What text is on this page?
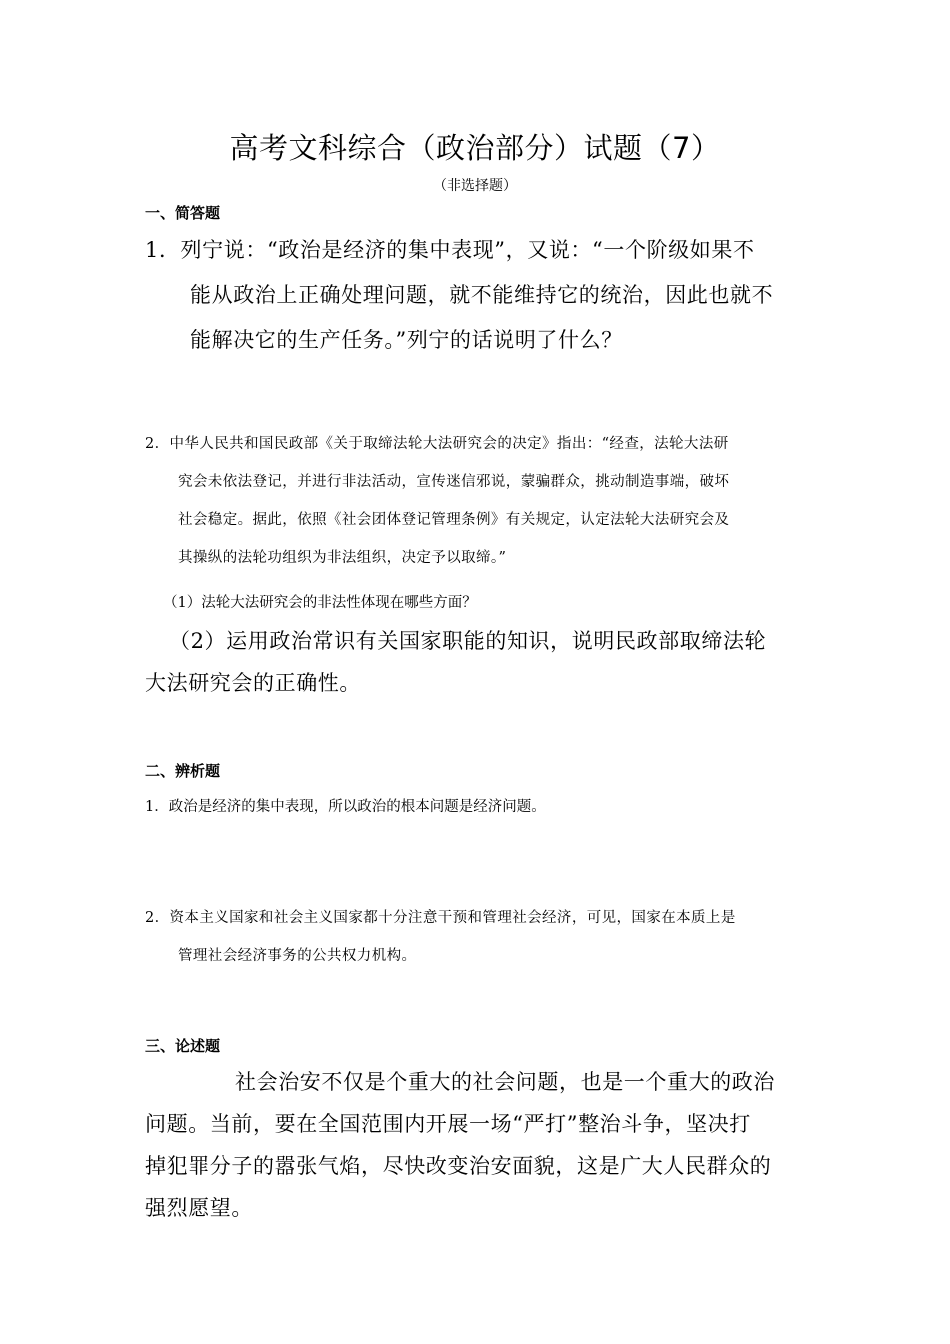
高考文科综合（政治部分）试题（7）
（非选择题）
一、简答题
1．列宁说：“政治是经济的集中表现”，又说：“一个阶级如果不
能从政治上正确处理问题，就不能维持它的统治，因此也就不
能解决它的生产任务。”列宁的话说明了什么？
2．中华人民共和国民政部《关于取缔法轮大法研究会的决定》指出：“经查，法轮大法研
究会未依法登记，并进行非法活动，宣传迷信邪说，蒙骗群众，挑动制造事端，破坏
社会稳定。据此，依照《社会团体登记管理条例》有关规定，认定法轮大法研究会及
其操纵的法轮功组织为非法组织，决定予以取缔。”
（1）法轮大法研究会的非法性体现在哪些方面？
（2）运用政治常识有关国家职能的知识，说明民政部取缔法轮
大法研究会的正确性。
二、辨析题
1．政治是经济的集中表现，所以政治的根本问题是经济问题。
2．资本主义国家和社会主义国家都十分注意干预和管理社会经济，可见，国家在本质上是
管理社会经济事务的公共权力机构。
三、论述题
社会治安不仅是个重大的社会问题，也是一个重大的政治
问题。当前，要在全国范围内开展一场“严打”整治斗争，坚决打
掉犯罪分子的嚣张气焰，尽快改变治安面貌，这是广大人民群众的
强烈愿望。
